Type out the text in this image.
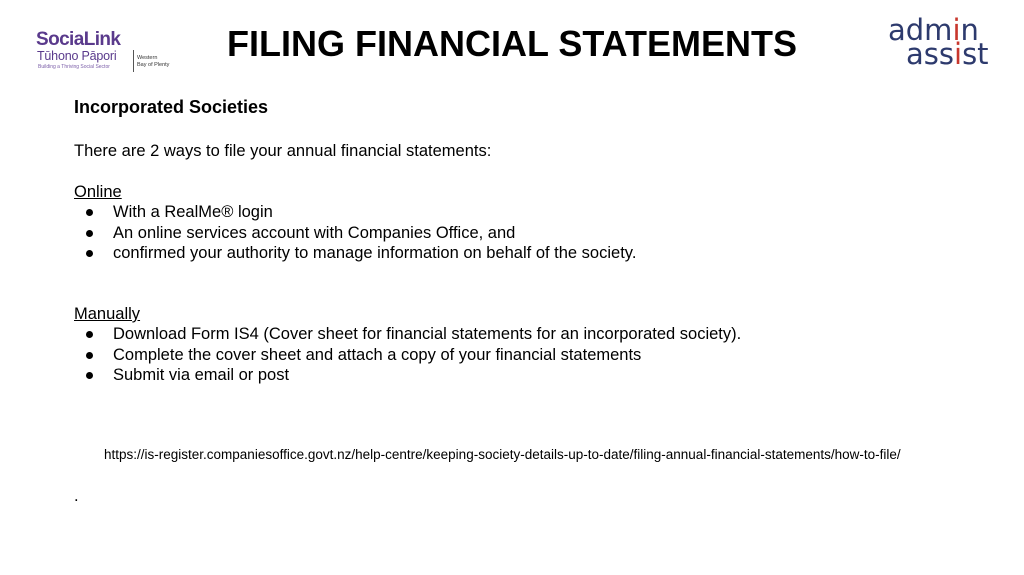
SociaLink
Tūhono Pāpori
Building a Thriving Social Sector
Western
Bay of Plenty
FILING FINANCIAL STATEMENTS	admin
assist
Incorporated Societies
There are 2 ways to file your annual financial statements:
Online
With a RealMe® login
An online services account with Companies Office, and
confirmed your authority to manage information on behalf of the society.
Manually
Download Form IS4 (Cover sheet for financial statements for an incorporated society).
Complete the cover sheet and attach a copy of your financial statements
Submit via email or post
https://is-register.companiesoffice.govt.nz/help-centre/keeping-society-details-up-to-date/filing-annual-financial-statements/how-to-file/
.
